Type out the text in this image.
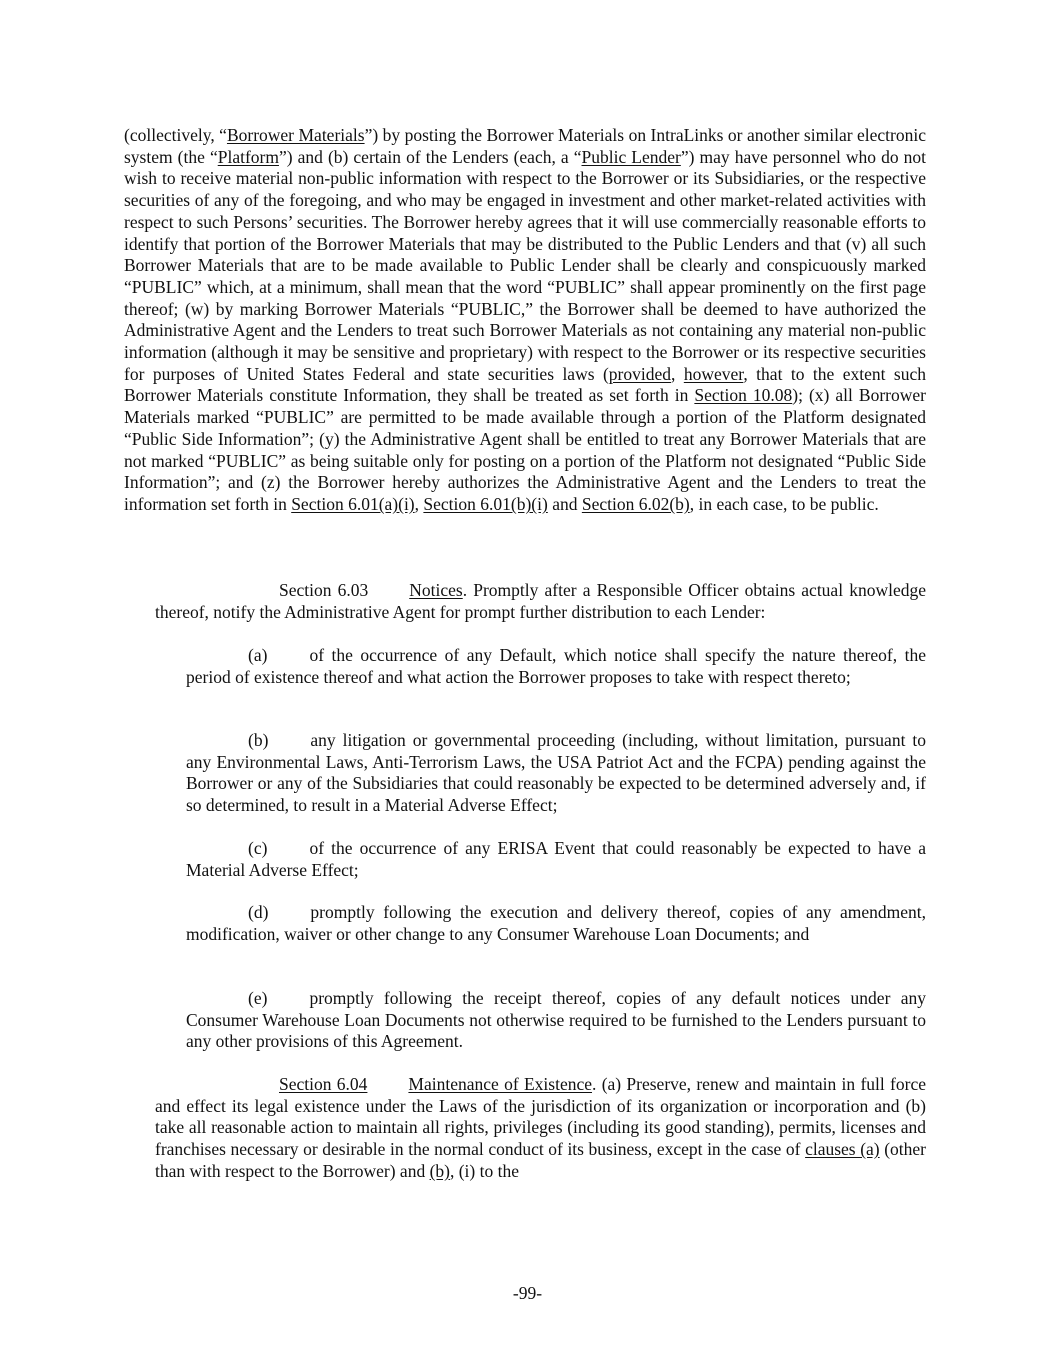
(collectively, “Borrower Materials”) by posting the Borrower Materials on IntraLinks or another similar electronic system (the “Platform”) and (b) certain of the Lenders (each, a “Public Lender”) may have personnel who do not wish to receive material non-public information with respect to the Borrower or its Subsidiaries, or the respective securities of any of the foregoing, and who may be engaged in investment and other market-related activities with respect to such Persons’ securities. The Borrower hereby agrees that it will use commercially reasonable efforts to identify that portion of the Borrower Materials that may be distributed to the Public Lenders and that (v) all such Borrower Materials that are to be made available to Public Lender shall be clearly and conspicuously marked “PUBLIC” which, at a minimum, shall mean that the word “PUBLIC” shall appear prominently on the first page thereof; (w) by marking Borrower Materials “PUBLIC,” the Borrower shall be deemed to have authorized the Administrative Agent and the Lenders to treat such Borrower Materials as not containing any material non-public information (although it may be sensitive and proprietary) with respect to the Borrower or its respective securities for purposes of United States Federal and state securities laws (provided, however, that to the extent such Borrower Materials constitute Information, they shall be treated as set forth in Section 10.08); (x) all Borrower Materials marked “PUBLIC” are permitted to be made available through a portion of the Platform designated “Public Side Information”; (y) the Administrative Agent shall be entitled to treat any Borrower Materials that are not marked “PUBLIC” as being suitable only for posting on a portion of the Platform not designated “Public Side Information”; and (z) the Borrower hereby authorizes the Administrative Agent and the Lenders to treat the information set forth in Section 6.01(a)(i), Section 6.01(b)(i) and Section 6.02(b), in each case, to be public.
Section 6.03 Notices. Promptly after a Responsible Officer obtains actual knowledge thereof, notify the Administrative Agent for prompt further distribution to each Lender:
(a) of the occurrence of any Default, which notice shall specify the nature thereof, the period of existence thereof and what action the Borrower proposes to take with respect thereto;
(b) any litigation or governmental proceeding (including, without limitation, pursuant to any Environmental Laws, Anti-Terrorism Laws, the USA Patriot Act and the FCPA) pending against the Borrower or any of the Subsidiaries that could reasonably be expected to be determined adversely and, if so determined, to result in a Material Adverse Effect;
(c) of the occurrence of any ERISA Event that could reasonably be expected to have a Material Adverse Effect;
(d) promptly following the execution and delivery thereof, copies of any amendment, modification, waiver or other change to any Consumer Warehouse Loan Documents; and
(e) promptly following the receipt thereof, copies of any default notices under any Consumer Warehouse Loan Documents not otherwise required to be furnished to the Lenders pursuant to any other provisions of this Agreement.
Section 6.04 Maintenance of Existence. (a) Preserve, renew and maintain in full force and effect its legal existence under the Laws of the jurisdiction of its organization or incorporation and (b) take all reasonable action to maintain all rights, privileges (including its good standing), permits, licenses and franchises necessary or desirable in the normal conduct of its business, except in the case of clauses (a) (other than with respect to the Borrower) and (b), (i) to the
-99-
